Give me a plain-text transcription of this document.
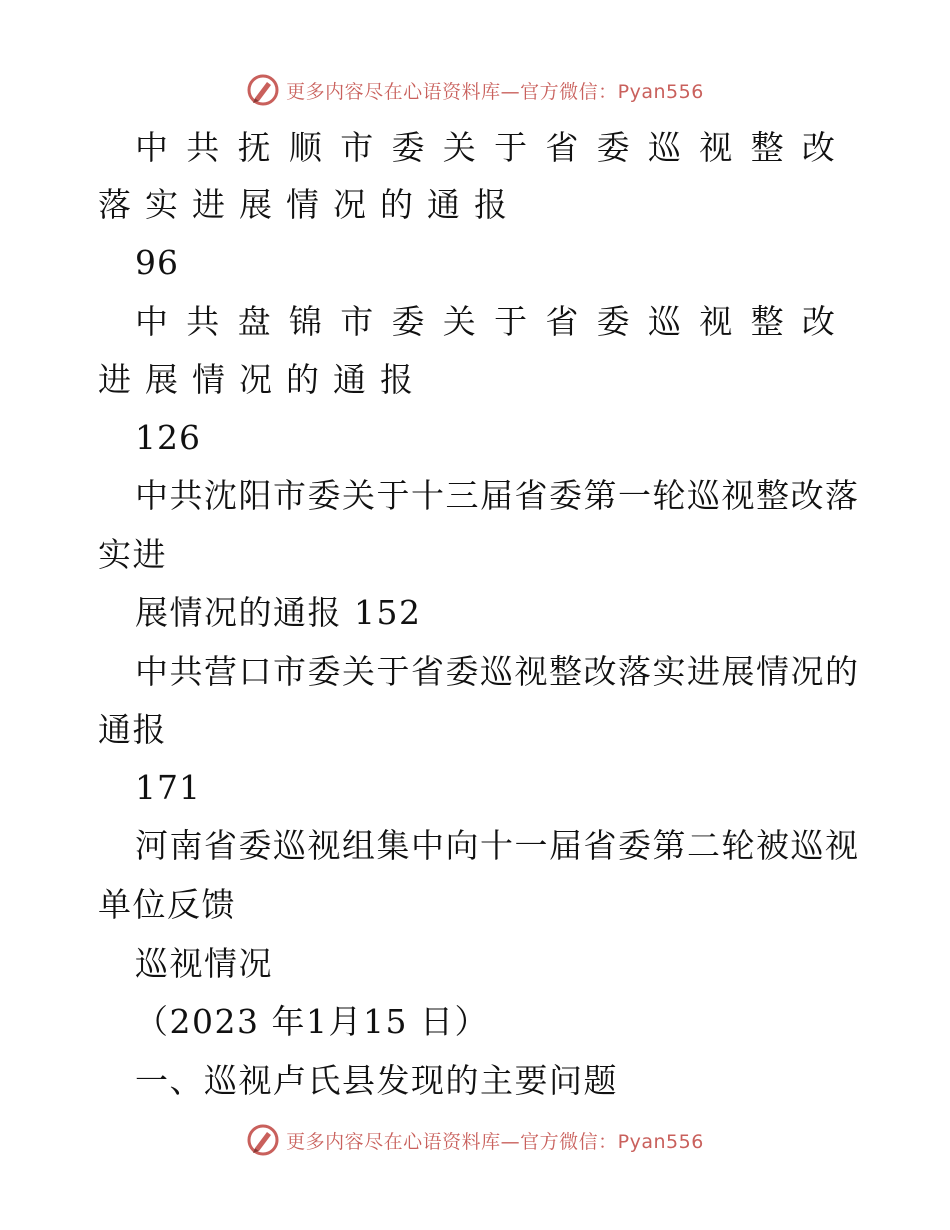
更多内容尽在心语资料库—官方微信：Pyan556
中 共 抚 顺 市 委 关 于 省 委 巡 视 整 改
落实进展情况的通报
96
中 共 盘 锦 市 委 关 于 省 委 巡 视 整 改
进展情况的通报
126
中共沈阳市委关于十三届省委第一轮巡视整改落
实进
展情况的通报 152
中共营口市委关于省委巡视整改落实进展情况的
通报
171
河南省委巡视组集中向十一届省委第二轮被巡视
单位反馈
巡视情况
（2023 年1月15 日）
一、巡视卢氏县发现的主要问题
更多内容尽在心语资料库—官方微信：Pyan556
